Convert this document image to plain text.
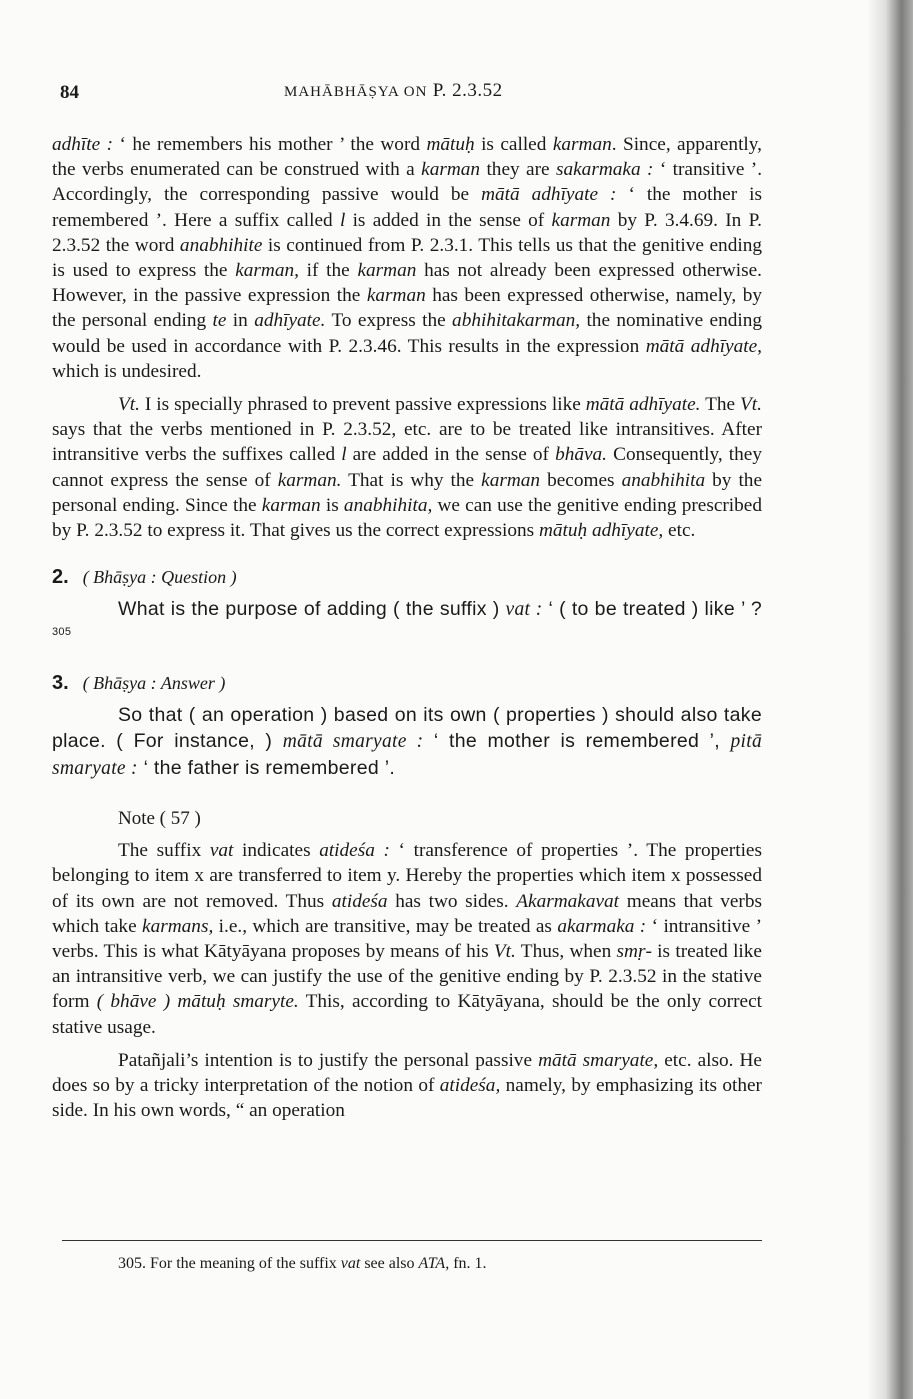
84	MAHĀBHĀṢYA ON P. 2.3.52

adhīte : ‘ he remembers his mother ’ the word mātuḥ is called karman. Since, apparently, the verbs enumerated can be construed with a karman they are sakarmaka : ‘ transitive ’. Accordingly, the corresponding passive would be mātā adhīyate : ‘ the mother is remembered ’. Here a suffix called l is added in the sense of karman by P. 3.4.69. In P. 2.3.52 the word anabhihite is continued from P. 2.3.1. This tells us that the genitive ending is used to express the karman, if the karman has not already been expressed otherwise. However, in the passive expression the karman has been expressed otherwise, namely, by the personal ending te in adhīyate. To express the abhihitakarman, the nominative ending would be used in accordance with P. 2.3.46. This results in the expression mātā adhīyate, which is undesired.

Vt. I is specially phrased to prevent passive expressions like mātā adhīyate. The Vt. says that the verbs mentioned in P. 2.3.52, etc. are to be treated like intransitives. After intransitive verbs the suffixes called l are added in the sense of bhāva. Consequently, they cannot express the sense of karman. That is why the karman becomes anabhihita by the personal ending. Since the karman is anabhihita, we can use the genitive ending prescribed by P. 2.3.52 to express it. That gives us the correct expressions mātuḥ adhīyate, etc.

2. ( Bhāṣya : Question )

What is the purpose of adding ( the suffix ) vat : ‘ ( to be treated ) like ’ ?$^{305}$

3. ( Bhāṣya : Answer )

So that ( an operation ) based on its own ( properties ) should also take place. ( For instance, ) mātā smaryate : ‘ the mother is remembered ’, pitā smaryate : ‘ the father is remembered ’.

Note ( 57 )

The suffix vat indicates atideśa : ‘ transference of properties ’. The properties belonging to item x are transferred to item y. Hereby the properties which item x possessed of its own are not removed. Thus atideśa has two sides. Akarmakavat means that verbs which take karmans, i.e., which are transitive, may be treated as akarmaka : ‘ intransitive ’ verbs. This is what Kātyāyana proposes by means of his Vt. Thus, when smṛ- is treated like an intransitive verb, we can justify the use of the genitive ending by P. 2.3.52 in the stative form ( bhāve ) mātuḥ smaryte. This, according to Kātyāyana, should be the only correct stative usage.

Patañjali’s intention is to justify the personal passive mātā smaryate, etc. also. He does so by a tricky interpretation of the notion of atideśa, namely, by emphasizing its other side. In his own words, “ an operation

305. For the meaning of the suffix vat see also ATA, fn. 1.
